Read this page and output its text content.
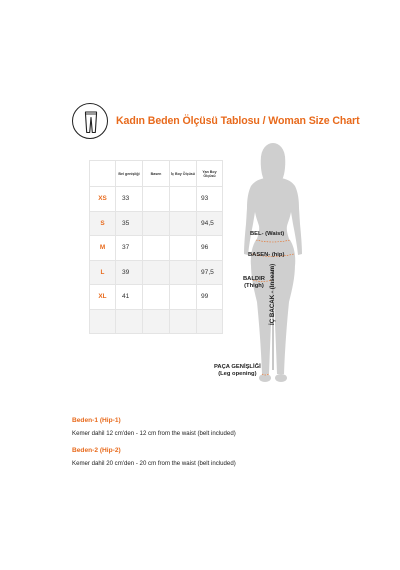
Kadın Beden Ölçüsü Tablosu / Woman Size Chart
	Bel genişliği	Basen	İç Boy Ölçüsü	Yan Boy Ölçüsü
XS	33			93
S	35			94,5
M	37			96
L	39			97,5
XL	41			99

BEL- (Waist)
BASEN- (hip)
BALDIR
(Thigh) İÇ BACAK - (Inseam)
PAÇA GENİŞLİĞİ
(Leg opening)
Beden-1 (Hip-1)
Kemer dahil 12 cm'den - 12 cm from the waist (belt included)
Beden-2 (Hip-2)
Kemer dahil 20 cm'den - 20 cm from the waist (belt included)
